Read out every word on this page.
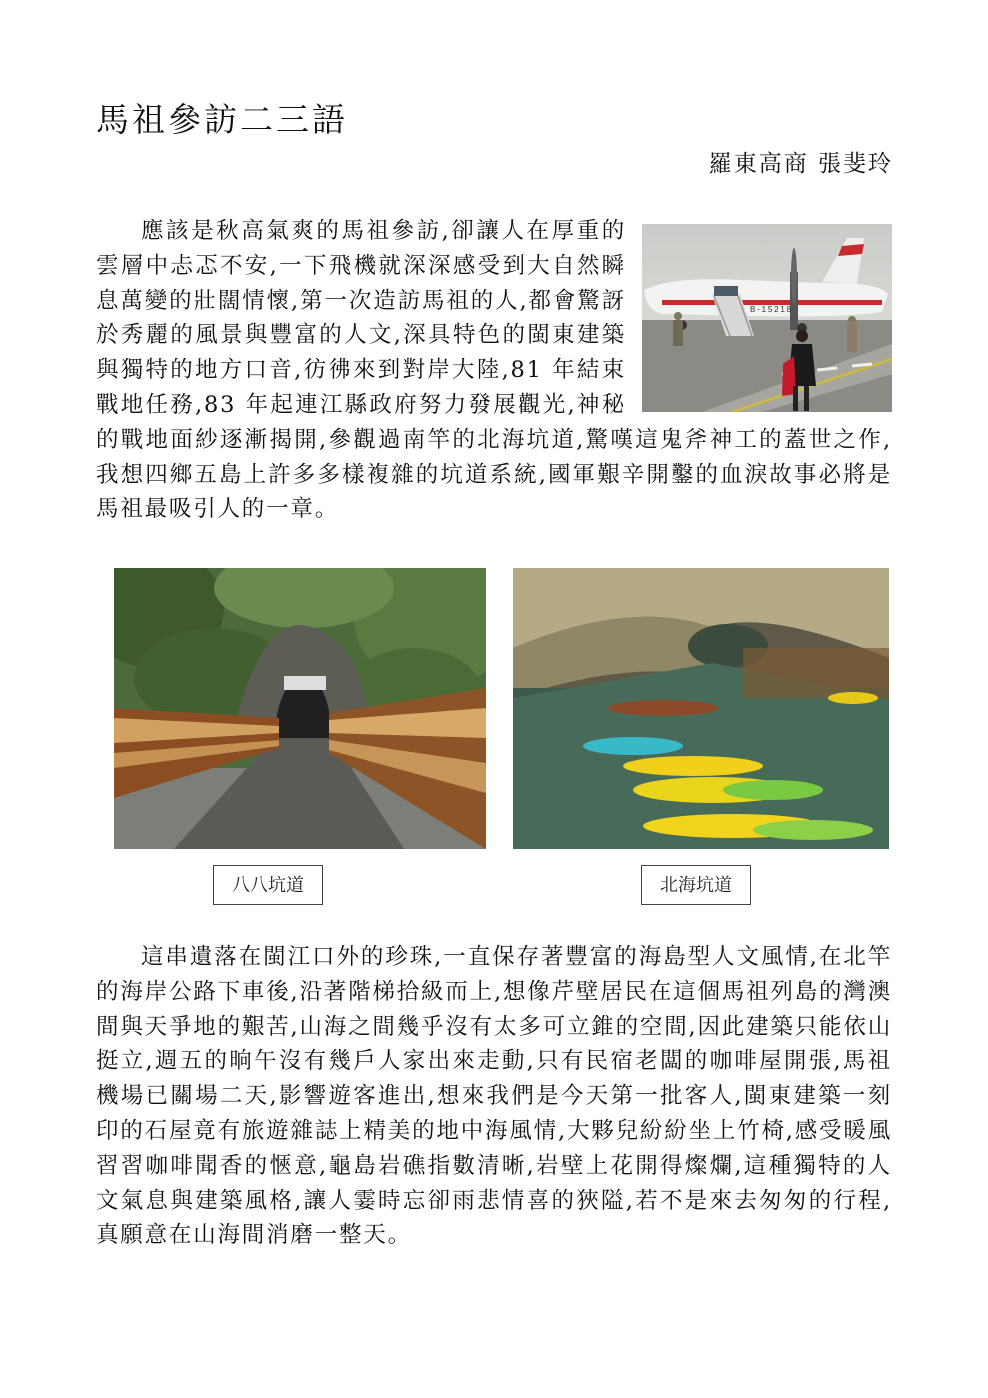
馬祖參訪二三語
羅東高商 張斐玲

B-15218
應該是秋高氣爽的馬祖參訪,卻讓人在厚重的雲層中忐忑不安,一下飛機就深深感受到大自然瞬息萬變的壯闊情懷,第一次造訪馬祖的人,都會驚訝於秀麗的風景與豐富的人文,深具特色的閩東建築與獨特的地方口音,彷彿來到對岸大陸,81 年結束戰地任務,83 年起連江縣政府努力發展觀光,神秘的戰地面紗逐漸揭開,參觀過南竿的北海坑道,驚嘆這鬼斧神工的蓋世之作,我想四鄉五島上許多多樣複雜的坑道系統,國軍艱辛開鑿的血淚故事必將是馬祖最吸引人的一章。

八八坑道	北海坑道

這串遺落在閩江口外的珍珠,一直保存著豐富的海島型人文風情,在北竿的海岸公路下車後,沿著階梯拾級而上,想像芹壁居民在這個馬祖列島的灣澳間與天爭地的艱苦,山海之間幾乎沒有太多可立錐的空間,因此建築只能依山挺立,週五的晌午沒有幾戶人家出來走動,只有民宿老闆的咖啡屋開張,馬祖機場已關場二天,影響遊客進出,想來我們是今天第一批客人,閩東建築一刻印的石屋竟有旅遊雜誌上精美的地中海風情,大夥兒紛紛坐上竹椅,感受暖風習習咖啡聞香的愜意,龜島岩礁指數清晰,岩壁上花開得燦爛,這種獨特的人文氣息與建築風格,讓人霎時忘卻雨悲情喜的狹隘,若不是來去匆匆的行程,真願意在山海間消磨一整天。
